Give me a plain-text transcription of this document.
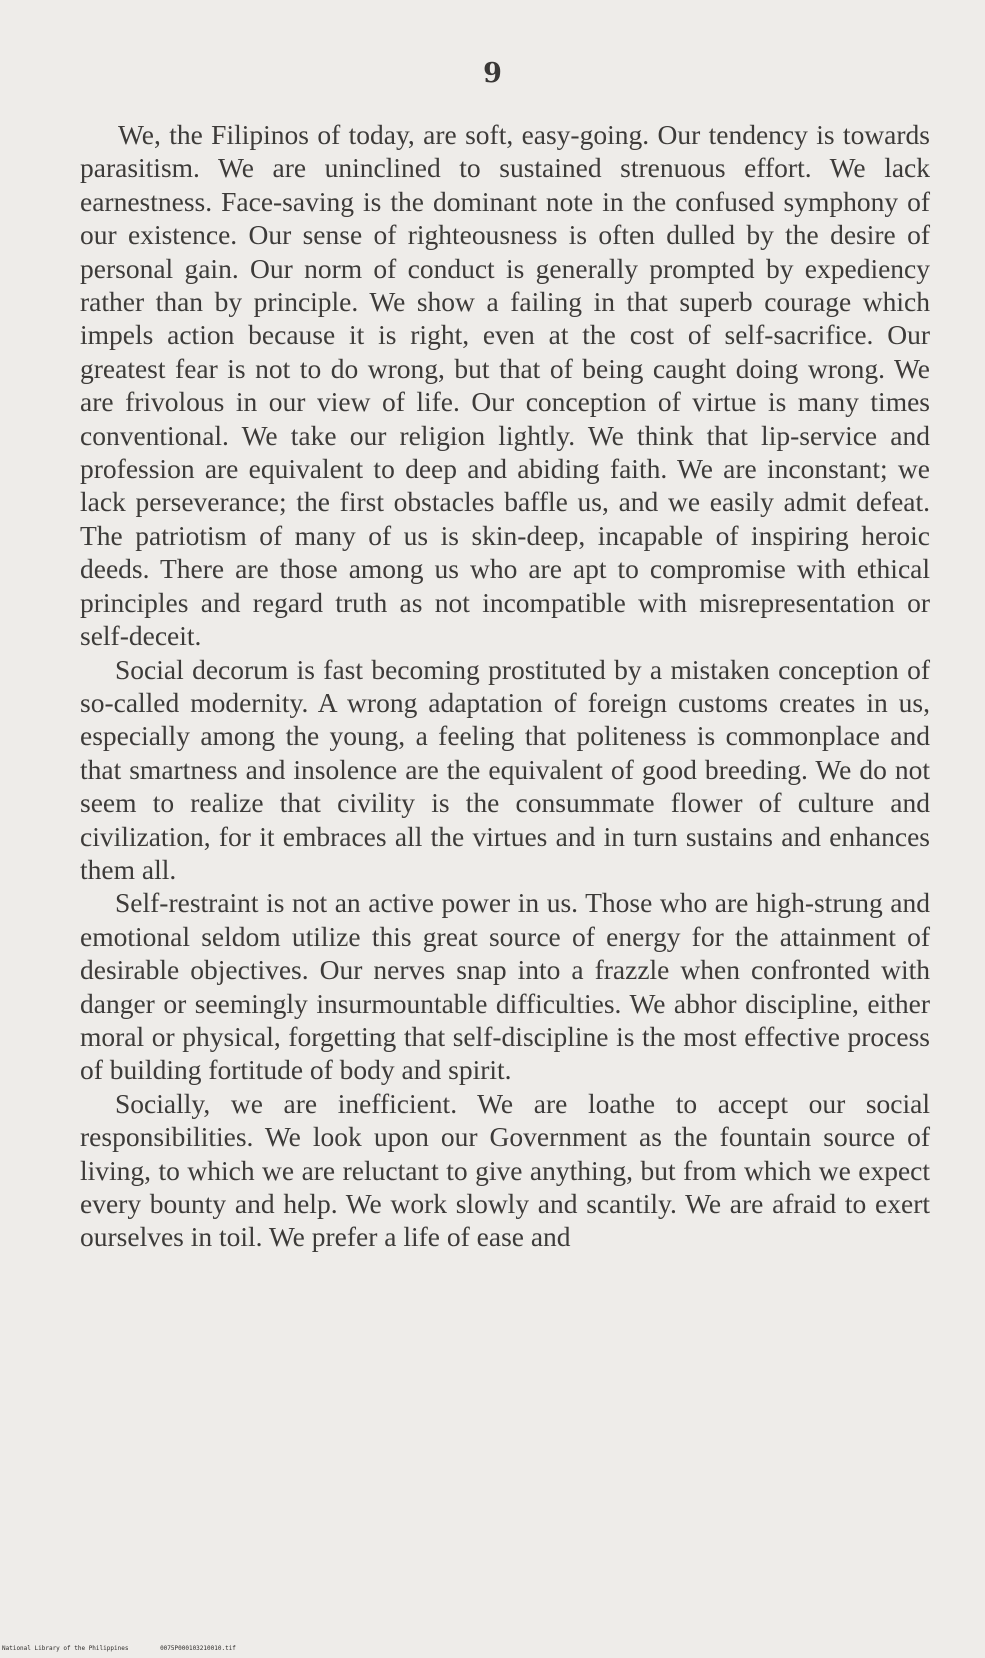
9

We, the Filipinos of today, are soft, easy-going. Our tendency is towards parasitism. We are uninclined to sustained strenuous effort. We lack earnestness. Face-saving is the dominant note in the confused symphony of our existence. Our sense of righteousness is often dulled by the desire of personal gain. Our norm of conduct is generally prompted by expediency rather than by principle. We show a failing in that superb courage which impels action because it is right, even at the cost of self-sacrifice. Our greatest fear is not to do wrong, but that of being caught doing wrong. We are frivolous in our view of life. Our conception of virtue is many times conventional. We take our religion lightly. We think that lip-service and profession are equivalent to deep and abiding faith. We are inconstant; we lack perseverance; the first obstacles baffle us, and we easily admit defeat. The patriotism of many of us is skin-deep, incapable of inspiring heroic deeds. There are those among us who are apt to compromise with ethical principles and regard truth as not incompatible with misrepresentation or self-deceit.

Social decorum is fast becoming prostituted by a mistaken conception of so-called modernity. A wrong adaptation of foreign customs creates in us, especially among the young, a feeling that politeness is commonplace and that smartness and insolence are the equivalent of good breeding. We do not seem to realize that civility is the consummate flower of culture and civilization, for it embraces all the virtues and in turn sustains and enhances them all.

Self-restraint is not an active power in us. Those who are high-strung and emotional seldom utilize this great source of energy for the attainment of desirable objectives. Our nerves snap into a frazzle when confronted with danger or seemingly insurmountable difficulties. We abhor discipline, either moral or physical, forgetting that self-discipline is the most effective process of building fortitude of body and spirit.

Socially, we are inefficient. We are loathe to accept our social responsibilities. We look upon our Government as the fountain source of living, to which we are reluctant to give anything, but from which we expect every bounty and help. We work slowly and scantily. We are afraid to exert ourselves in toil. We prefer a life of ease and

National Library of the Philippines	0075P000103210010.tif
